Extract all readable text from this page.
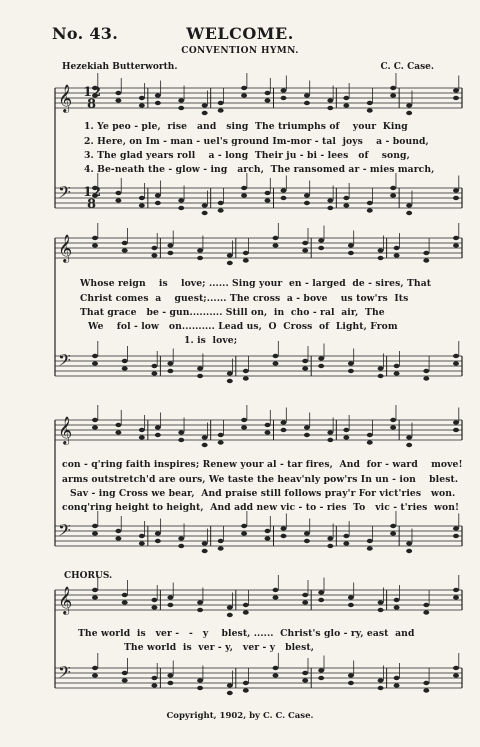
No. 43.	WELCOME.
CONVENTION HYMN.
Hezekiah Butterworth.	C. C. Case.
𝄞
𝄢
𝄞
𝄢
𝄞
𝄢
𝄞
𝄢
12
8
12
8
1. Ye peo - ple,  rise   and   sing  The triumphs of    your  King
2. Here, on Im - man - uel's ground Im-mor - tal  joys    a - bound,
3. The glad years roll    a - long  Their ju - bi - lees   of    song,
4. Be-neath the - glow - ing   arch,  The ransomed ar - mies march,
Whose reign    is    love; ...... Sing your  en - larged  de - sires, That
Christ comes  a    guest;...... The cross  a - bove    us tow'rs  Its
That grace   be - gun.......... Still on,  in  cho - ral  air,  The
We    fol - low   on.......... Lead us,  O  Cross  of  Light, From
1. is  love;
con - q'ring faith inspires; Renew your al - tar fires,  And  for - ward    move!
arms outstretch'd are ours, We taste the heav'nly pow'rs In un - ion    blest.
Sav - ing Cross we bear,  And praise still follows pray'r For vict'ries   won.
conq'ring height to height,  And add new vic - to - ries  To   vic - t'ries  won!
CHORUS.
The world  is   ver -   -   y    blest, ......  Christ's glo - ry, east  and
The world  is  ver - y,   ver - y   blest,
Copyright, 1902, by C. C. Case.
